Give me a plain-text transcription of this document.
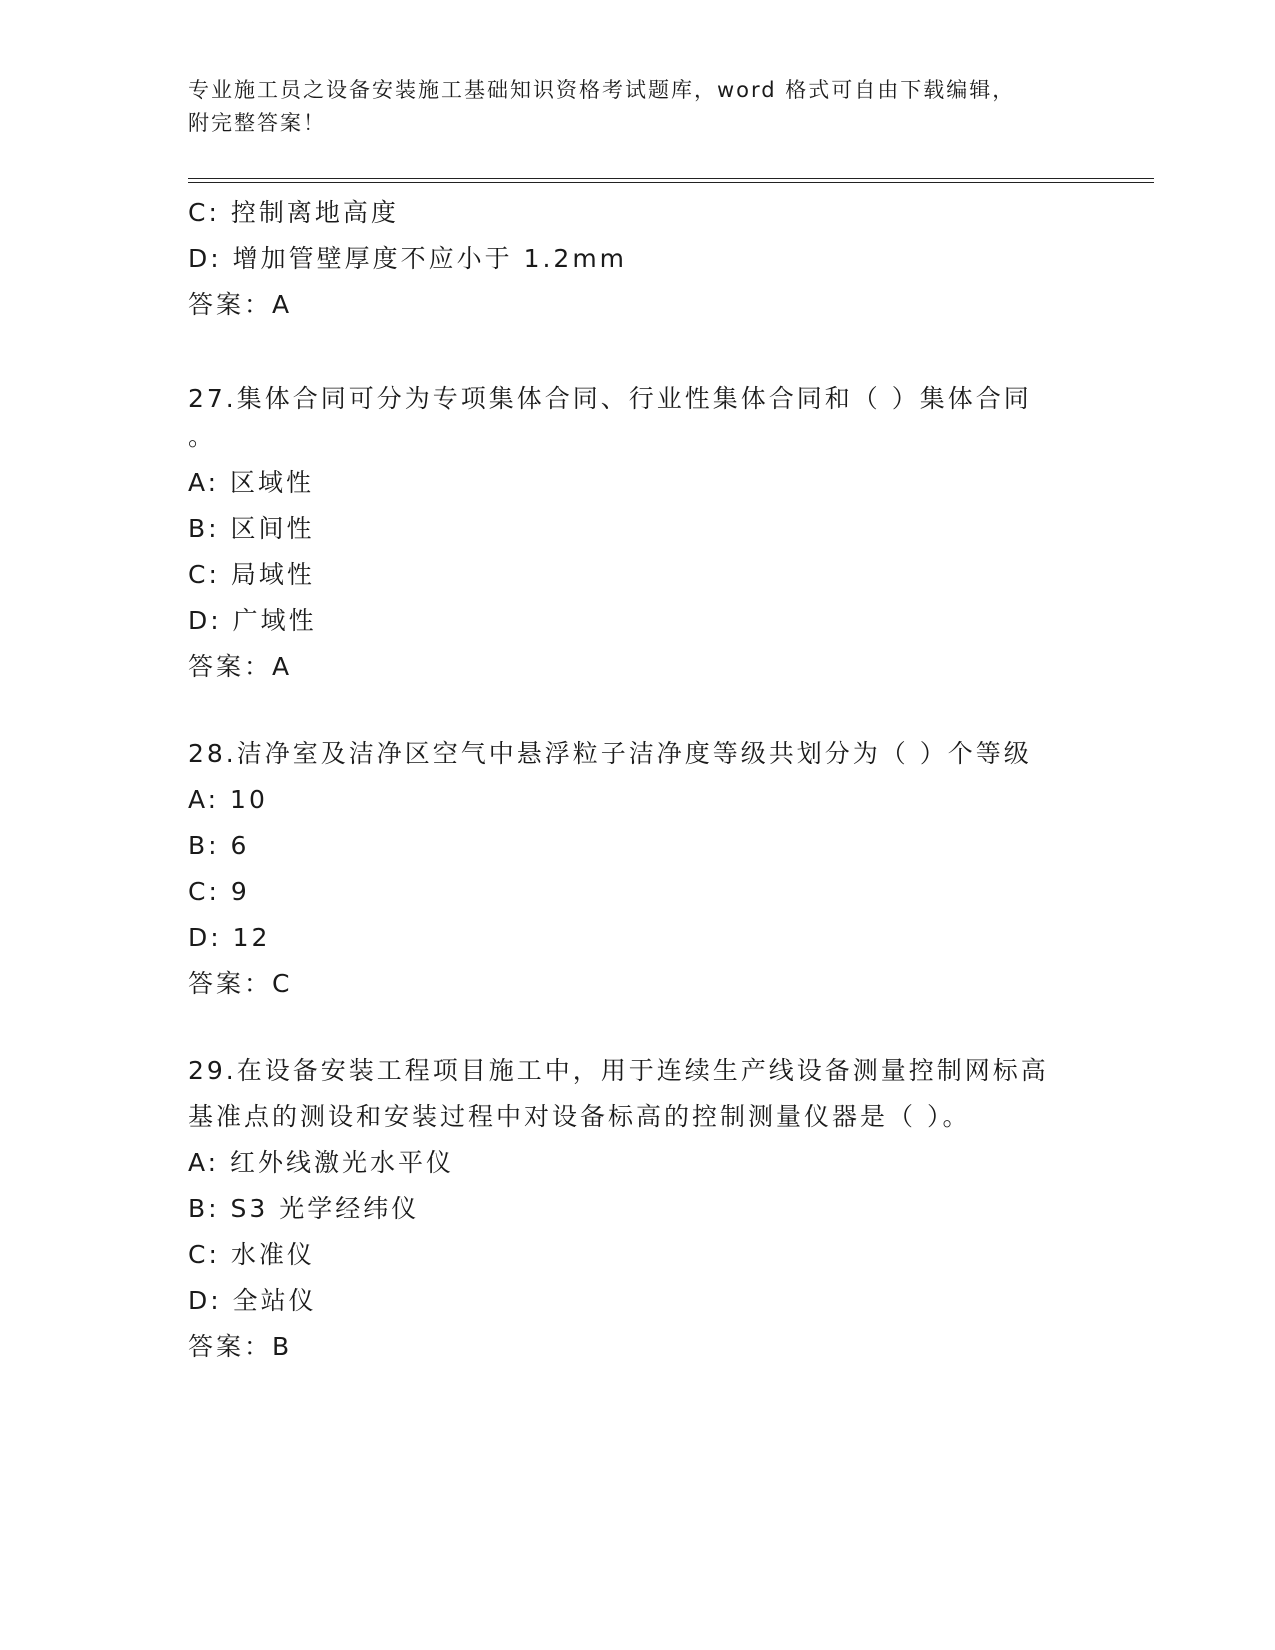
专业施工员之设备安装施工基础知识资格考试题库，word 格式可自由下载编辑，
附完整答案！
C: 控制离地高度
D: 增加管壁厚度不应小于 1.2mm
答案：A
27.集体合同可分为专项集体合同、行业性集体合同和（ ）集体合同
。
A: 区域性
B: 区间性
C: 局域性
D: 广域性
答案：A
28.洁净室及洁净区空气中悬浮粒子洁净度等级共划分为（ ）个等级
A: 10
B: 6
C: 9
D: 12
答案：C
29.在设备安装工程项目施工中，用于连续生产线设备测量控制网标高
基准点的测设和安装过程中对设备标高的控制测量仪器是（ ）。
A: 红外线激光水平仪
B: S3 光学经纬仪
C: 水准仪
D: 全站仪
答案：B
